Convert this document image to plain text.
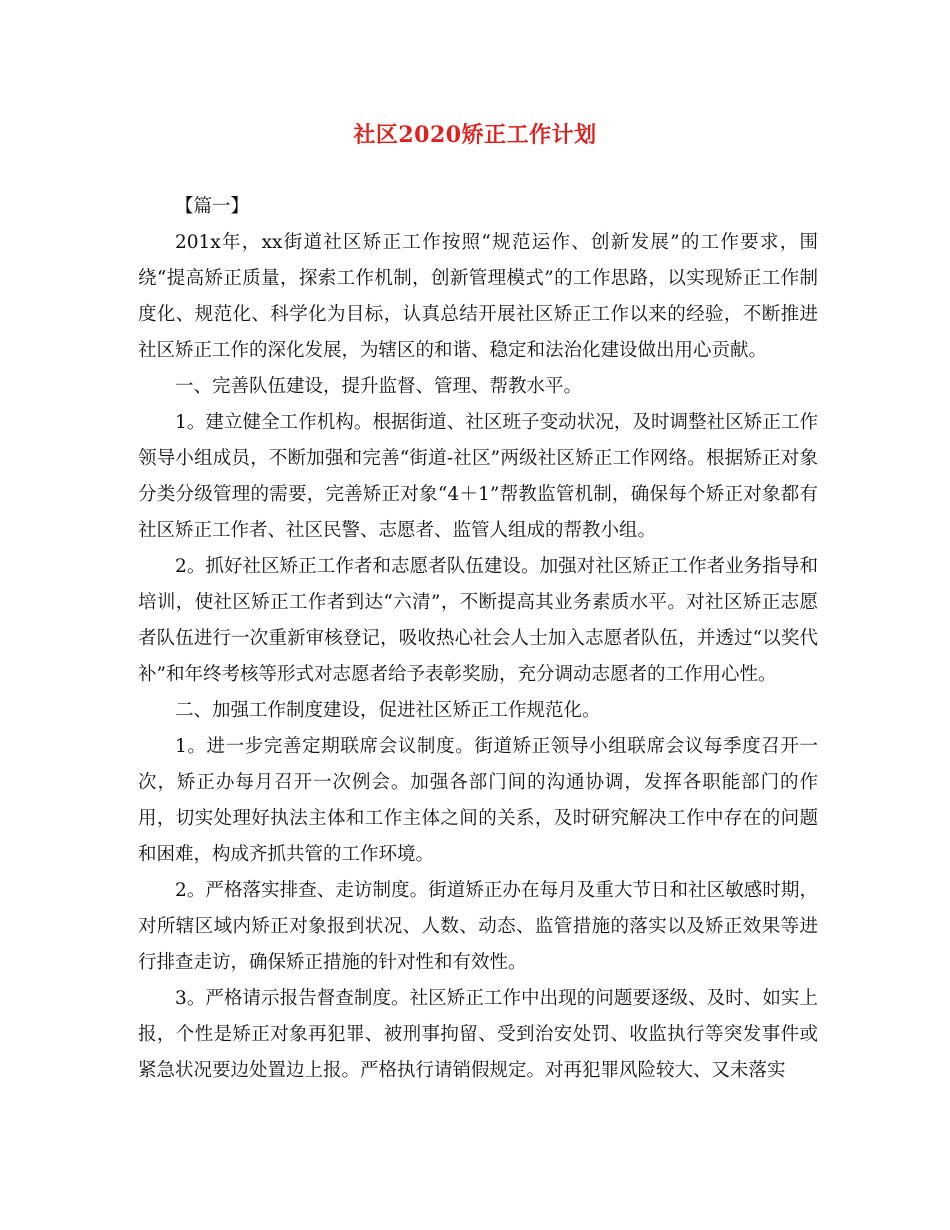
社区2020矫正工作计划

【篇一】

201x年，xx街道社区矫正工作按照“规范运作、创新发展”的工作要求，围绕“提高矫正质量，探索工作机制，创新管理模式”的工作思路，以实现矫正工作制度化、规范化、科学化为目标，认真总结开展社区矫正工作以来的经验，不断推进社区矫正工作的深化发展，为辖区的和谐、稳定和法治化建设做出用心贡献。

一、完善队伍建设，提升监督、管理、帮教水平。

1。建立健全工作机构。根据街道、社区班子变动状况，及时调整社区矫正工作领导小组成员，不断加强和完善“街道-社区”两级社区矫正工作网络。根据矫正对象分类分级管理的需要，完善矫正对象“4＋1”帮教监管机制，确保每个矫正对象都有社区矫正工作者、社区民警、志愿者、监管人组成的帮教小组。

2。抓好社区矫正工作者和志愿者队伍建设。加强对社区矫正工作者业务指导和培训，使社区矫正工作者到达“六清”，不断提高其业务素质水平。对社区矫正志愿者队伍进行一次重新审核登记，吸收热心社会人士加入志愿者队伍，并透过“以奖代补”和年终考核等形式对志愿者给予表彰奖励，充分调动志愿者的工作用心性。

二、加强工作制度建设，促进社区矫正工作规范化。

1。进一步完善定期联席会议制度。街道矫正领导小组联席会议每季度召开一次，矫正办每月召开一次例会。加强各部门间的沟通协调，发挥各职能部门的作用，切实处理好执法主体和工作主体之间的关系，及时研究解决工作中存在的问题和困难，构成齐抓共管的工作环境。

2。严格落实排查、走访制度。街道矫正办在每月及重大节日和社区敏感时期，对所辖区域内矫正对象报到状况、人数、动态、监管措施的落实以及矫正效果等进行排查走访，确保矫正措施的针对性和有效性。

3。严格请示报告督查制度。社区矫正工作中出现的问题要逐级、及时、如实上报，个性是矫正对象再犯罪、被刑事拘留、受到治安处罚、收监执行等突发事件或紧急状况要边处置边上报。严格执行请销假规定。对再犯罪风险较大、又未落实
